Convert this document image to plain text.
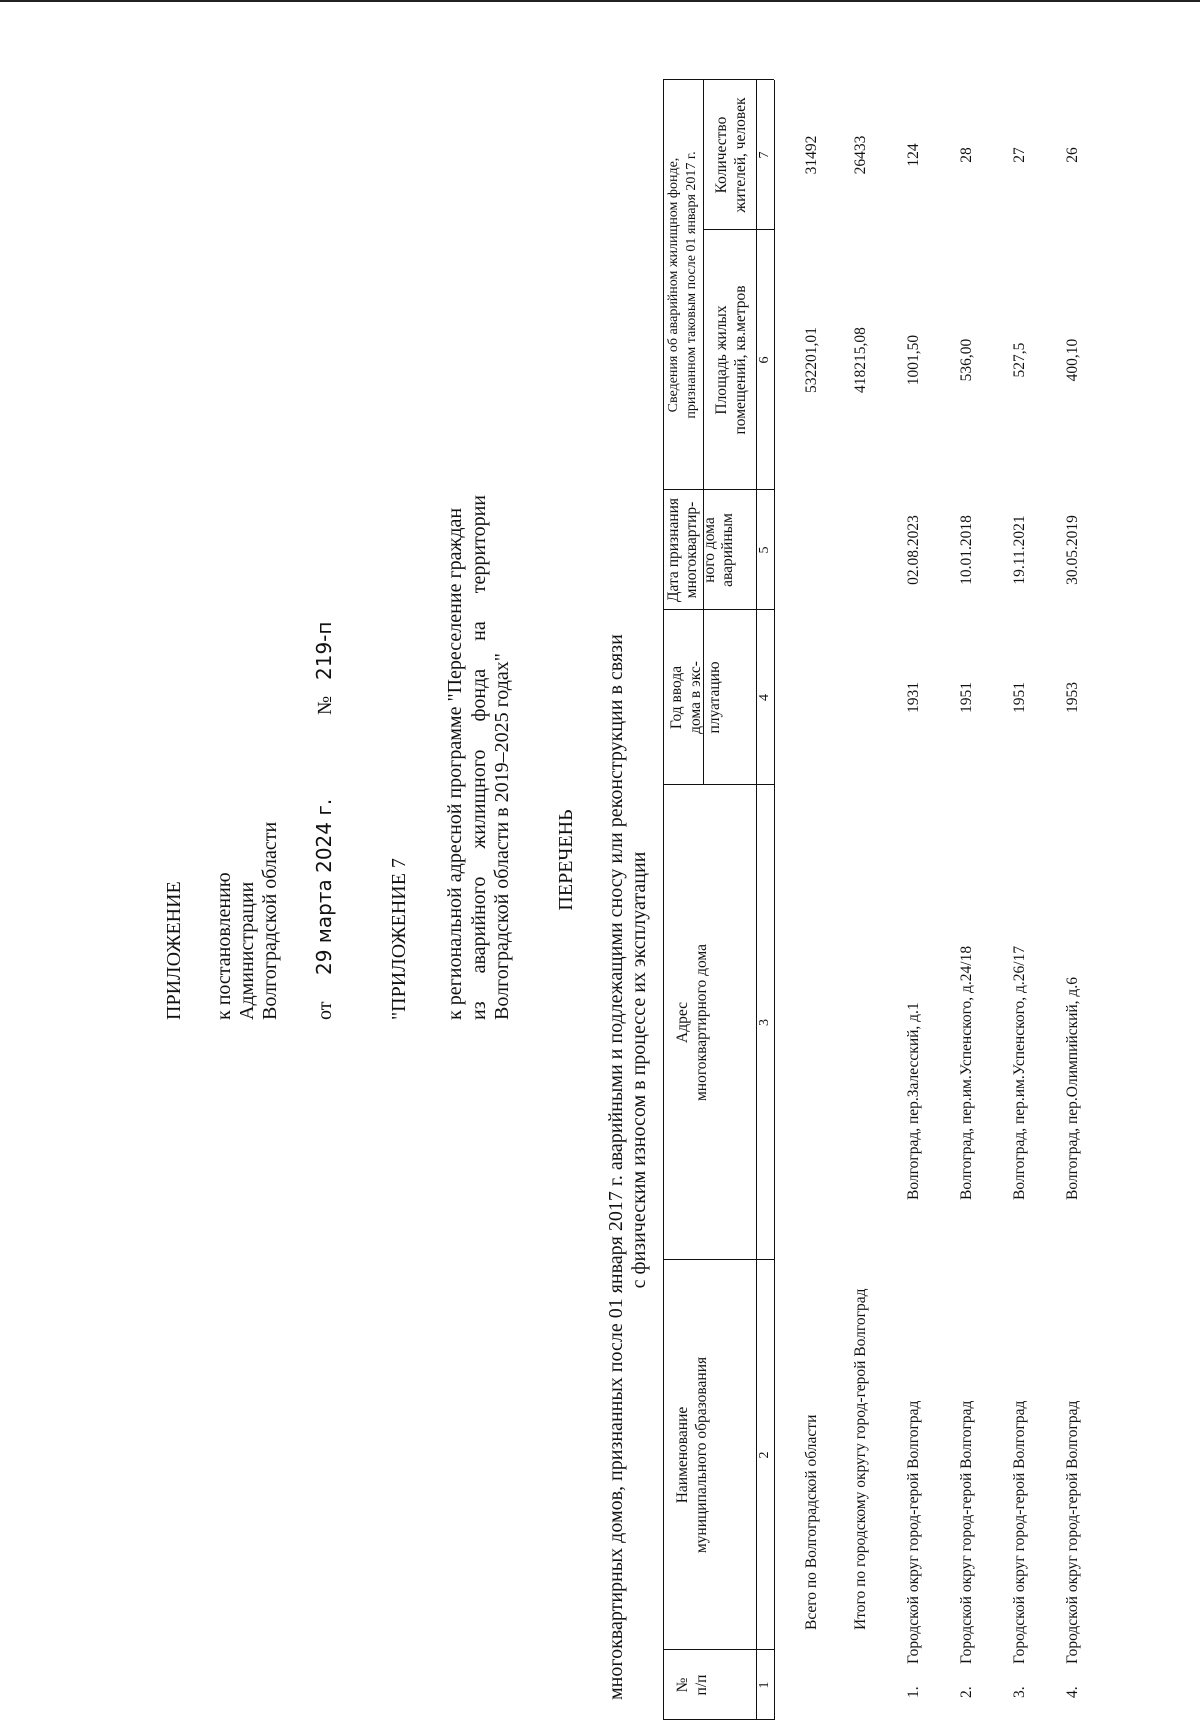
ПРИЛОЖЕНИЕ к постановлению Администрации Волгоградской области от
29 марта 2024 г.
№
219-п
"ПРИЛОЖЕНИЕ 7 к региональной адресной программе "Переселение граждан из аварийного жилищного фонда на территории Волгоградской области в 2019–2025 годах" ПЕРЕЧЕНЬ многоквартирных домов, признанных после 01 января 2017 г. аварийными и подлежащими сносу или реконструкции в связи с физическим износом в процессе их эксплуатации
№ п/п
Наименование муниципального образования
Адрес многоквартирного дома
Год ввода дома в экс- плуатацию
Дата признания многоквартир- ного дома аварийным
Сведения об аварийном жилищном фонде, признанном таковым после 01 января 2017 г. Площадь жилых помещений, кв.метров
Количество жителей, человек
1
2
3
4
5
6
7
Всего по Волгоградской области
532201,01
31492
Итого по городскому округу город-герой Волгоград
418215,08
26433
1.
Городской округ город-герой Волгоград
Волгоград, пер.Залесский, д.1
1931
02.08.2023
1001,50
124
2.
Городской округ город-герой Волгоград
Волгоград, пер.им.Успенского, д.24/18
1951
10.01.2018
536,00
28
3.
Городской округ город-герой Волгоград
Волгоград, пер.им.Успенского, д.26/17
1951
19.11.2021
527,5
27
4.
Городской округ город-герой Волгоград
Волгоград, пер.Олимпийский, д.6
1953
30.05.2019
400,10
26
